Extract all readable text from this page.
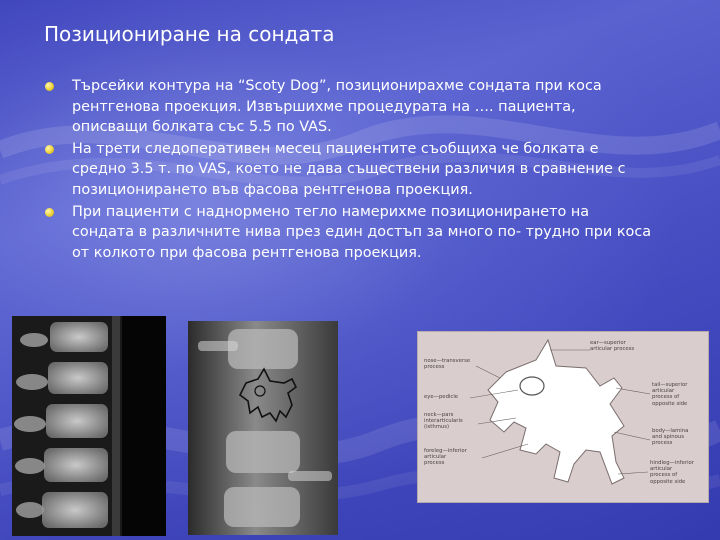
Позициониране на сондата
Търсейки контура на “Scoty Dog”, позиционирахме сондата при коса рентгенова проекция. Извършихме процедурата на …. пациента, описващи болката със 5.5 по VAS.
На трети следоперативен месец пациентите съобщиха че болката е средно 3.5 т. по VAS, което не дава съществени различия в сравнение с позиционирането във фасова рентгенова проекция.
При пациенти с наднормено тегло намерихме позиционирането на сондата в различните нива през един достъп за много по- трудно при коса от колкото при фасова рентгенова проекция.
nose—transverse
process
eye—pedicle
neck—pars
interarticularis
(isthmus)
foreleg—inferior
articular
process
ear—superior
articular process
tail—superior
articular
process of
opposite side
body—lamina
and spinous
process
hindleg—inferior
articular
process of
opposite side
